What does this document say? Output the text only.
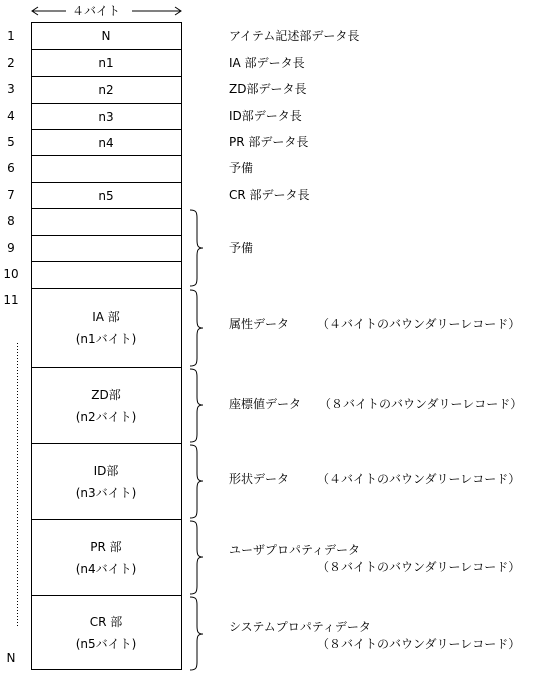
４バイト
N
n1
n2
n3
n4
n5
IA 部
(n1バイト)
ZD部
(n2バイト)
ID部
(n3バイト)
PR 部
(n4バイト)
CR 部
(n5バイト)
1
2
3
4
5
6
7
8
9
10
11
N
アイテム記述部データ長
IA 部データ長
ZD部データ長
ID部データ長
PR 部データ長
予備
CR 部データ長
予備
属性データ （４バイトのバウンダリーレコード）
座標値データ （８バイトのバウンダリーレコード）
形状データ （４バイトのバウンダリーレコード）
ユーザプロパティデータ
（８バイトのバウンダリーレコード）
システムプロパティデータ
（８バイトのバウンダリーレコード）
